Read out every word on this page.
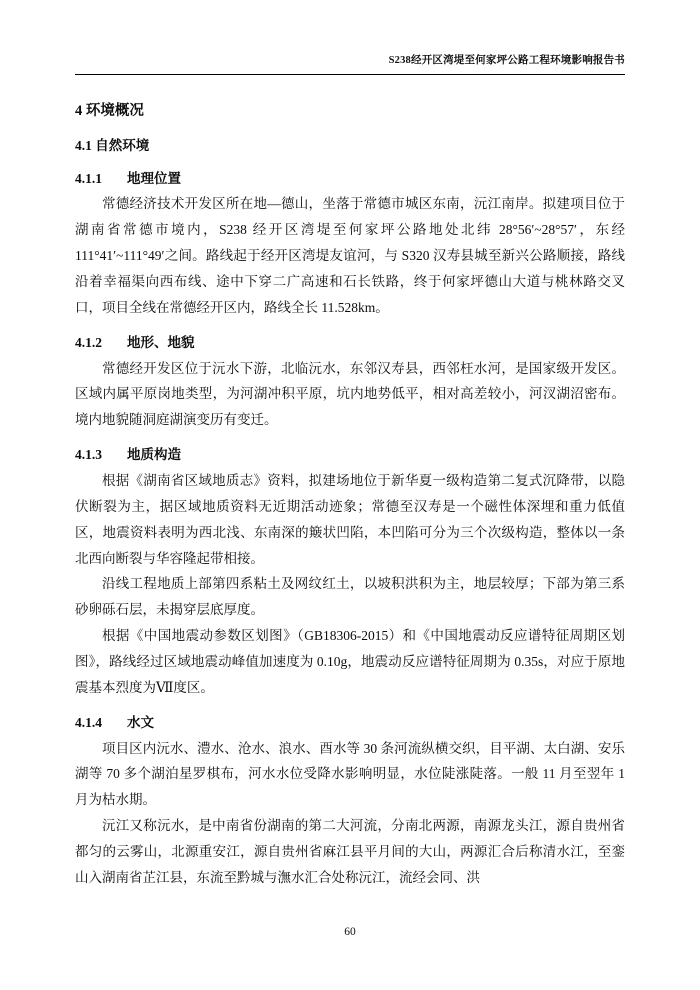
S238经开区湾堤至何家坪公路工程环境影响报告书
4 环境概况
4.1 自然环境
4.1.1 地理位置

常德经济技术开发区所在地—德山，坐落于常德市城区东南，沅江南岸。拟建项目位于湖南省常德市境内，S238 经开区湾堤至何家坪公路地处北纬 28°56′~28°57′，东经 111°41′~111°49′之间。路线起于经开区湾堤友谊河，与 S320 汉寿县城至新兴公路顺接，路线沿着幸福渠向西布线、途中下穿二广高速和石长铁路，终于何家坪德山大道与桃林路交叉口，项目全线在常德经开区内，路线全长 11.528km。

4.1.2 地形、地貌

常德经开发区位于沅水下游，北临沅水，东邻汉寿县，西邻枉水河，是国家级开发区。区域内属平原岗地类型，为河湖冲积平原，坑内地势低平，相对高差较小，河汊湖沼密布。境内地貌随洞庭湖演变历有变迁。

4.1.3 地质构造

根据《湖南省区域地质志》资料，拟建场地位于新华夏一级构造第二复式沉降带，以隐伏断裂为主，据区域地质资料无近期活动迹象；常德至汉寿是一个磁性体深埋和重力低值区，地震资料表明为西北浅、东南深的簸状凹陷，本凹陷可分为三个次级构造，整体以一条北西向断裂与华容隆起带相接。

沿线工程地质上部第四系粘土及网纹红土，以坡积洪积为主，地层较厚；下部为第三系砂卵砾石层，未揭穿层底厚度。

根据《中国地震动参数区划图》（GB18306-2015）和《中国地震动反应谱特征周期区划图》，路线经过区域地震动峰值加速度为 0.10g，地震动反应谱特征周期为 0.35s，对应于原地震基本烈度为Ⅶ度区。

4.1.4 水文

项目区内沅水、澧水、沧水、浪水、酉水等 30 条河流纵横交织，目平湖、太白湖、安乐湖等 70 多个湖泊星罗棋布，河水水位受降水影响明显，水位陡涨陡落。一般 11 月至翌年 1 月为枯水期。

沅江又称沅水，是中南省份湖南的第二大河流，分南北两源，南源龙头江，源自贵州省都匀的云雾山，北源重安江，源自贵州省麻江县平月间的大山，两源汇合后称清水江，至銮山入湖南省芷江县，东流至黔城与潕水汇合处称沅江，流经会同、洪

60
